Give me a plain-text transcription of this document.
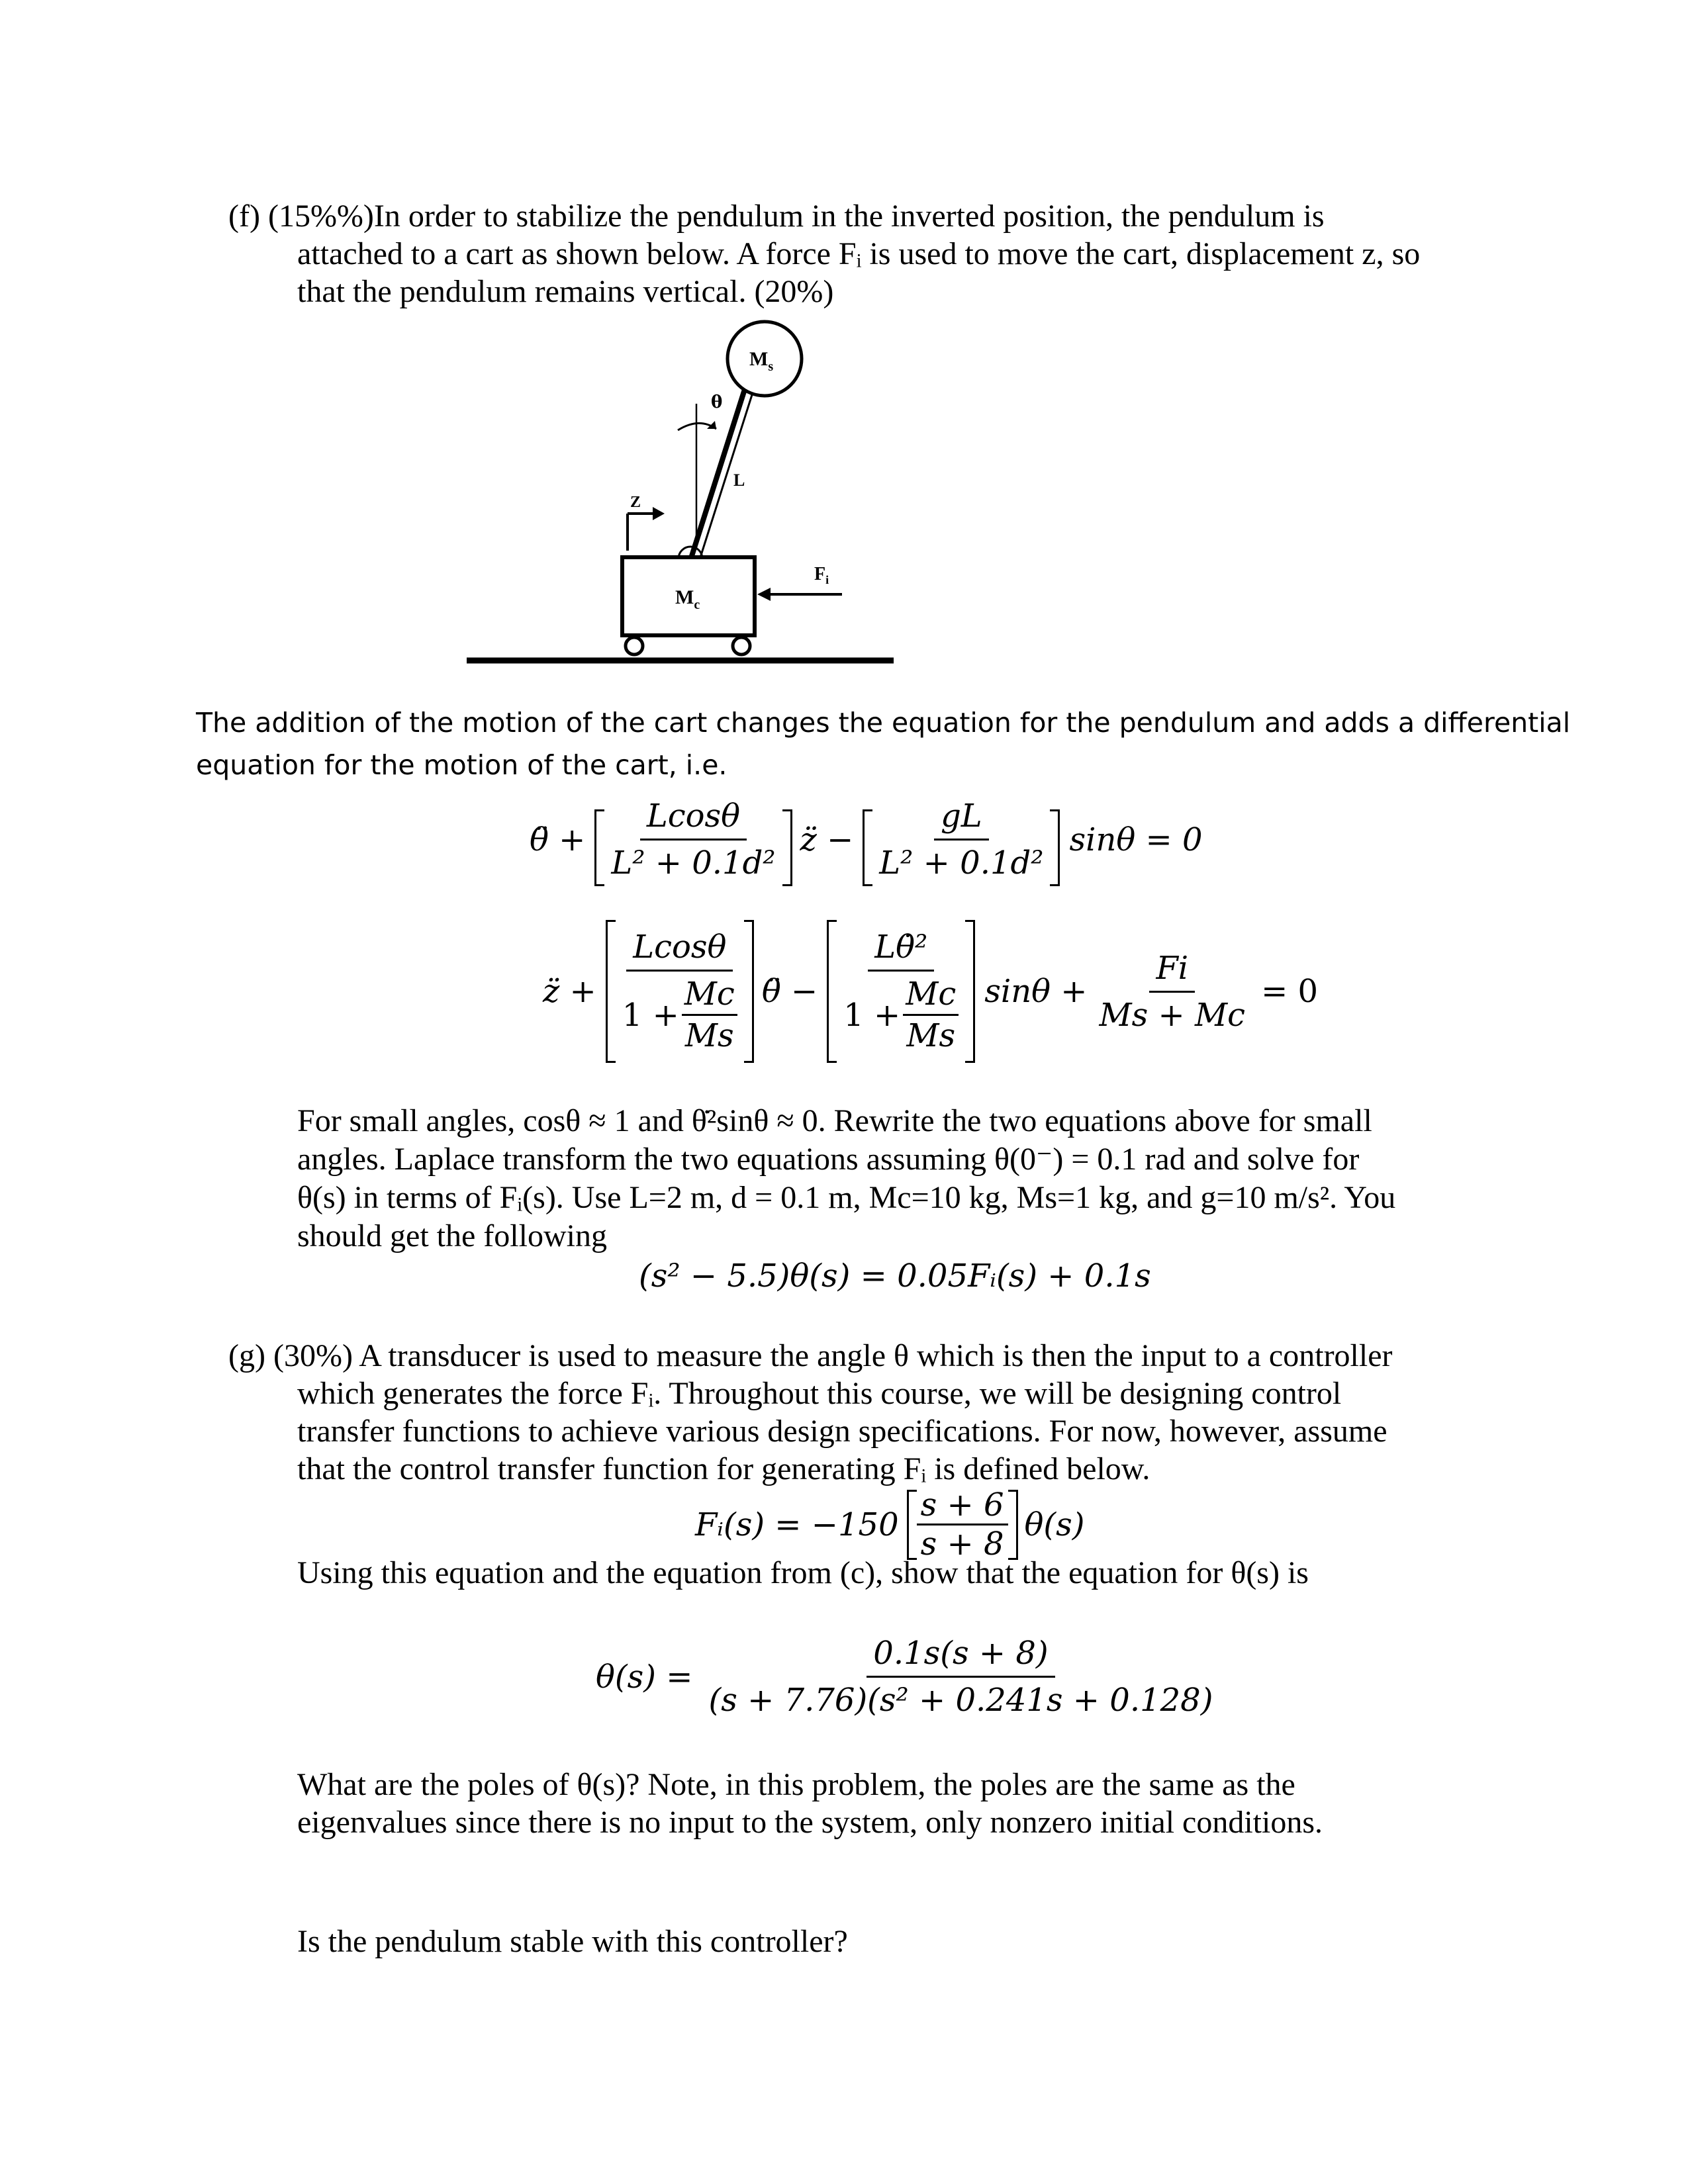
(f) (15%%)In order to stabilize the pendulum in the inverted position, the pendulum is
attached to a cart as shown below. A force Fᵢ is used to move the cart, displacement z, so
that the pendulum remains vertical. (20%)
$M_s$
θ
L
Z
$F_i$
$M_c$
The addition of the motion of the cart changes the equation for the pendulum and adds a differential
equation for the motion of the cart, i.e.
θ̈ + $\frac{Lcos\theta}{\text{L² + 0.1d²}}$ z̈ − $\frac{gL}{\text{L² + 0.1d²}}$ sinθ = 0
z̈ + $\frac{Lcos\theta}{1 + \frac{Mc}{Ms}}$ θ̈ − $\frac{\text{Lθ̇²}}{1 + \frac{Mc}{Ms}}$ $\sin\theta + \frac{Fi}{Ms + Mc} = 0$
For small angles, cosθ ≈ 1 and θ̇²sinθ ≈ 0. Rewrite the two equations above for small
angles. Laplace transform the two equations assuming θ(0⁻) = 0.1 rad and solve for
θ(s) in terms of Fᵢ(s). Use L=2 m, d = 0.1 m, Mc=10 kg, Ms=1 kg, and g=10 m/s². You
should get the following
(s² − 5.5)θ(s) = 0.05Fᵢ(s) + 0.1s
(g) (30%) A transducer is used to measure the angle θ which is then the input to a controller
which generates the force Fᵢ. Throughout this course, we will be designing control
transfer functions to achieve various design specifications. For now, however, assume
that the control transfer function for generating Fᵢ is defined below.
Fᵢ(s) = $-150 \frac{s + 6}{s + 8} \theta(s)$
Using this equation and the equation from (c), show that the equation for θ(s) is
$\theta(s) = \frac{0.1s(s + 8)}{\text{(s + 7.76)(s² + 0.241s + 0.128)}}$
What are the poles of θ(s)? Note, in this problem, the poles are the same as the
eigenvalues since there is no input to the system, only nonzero initial conditions.
Is the pendulum stable with this controller?
